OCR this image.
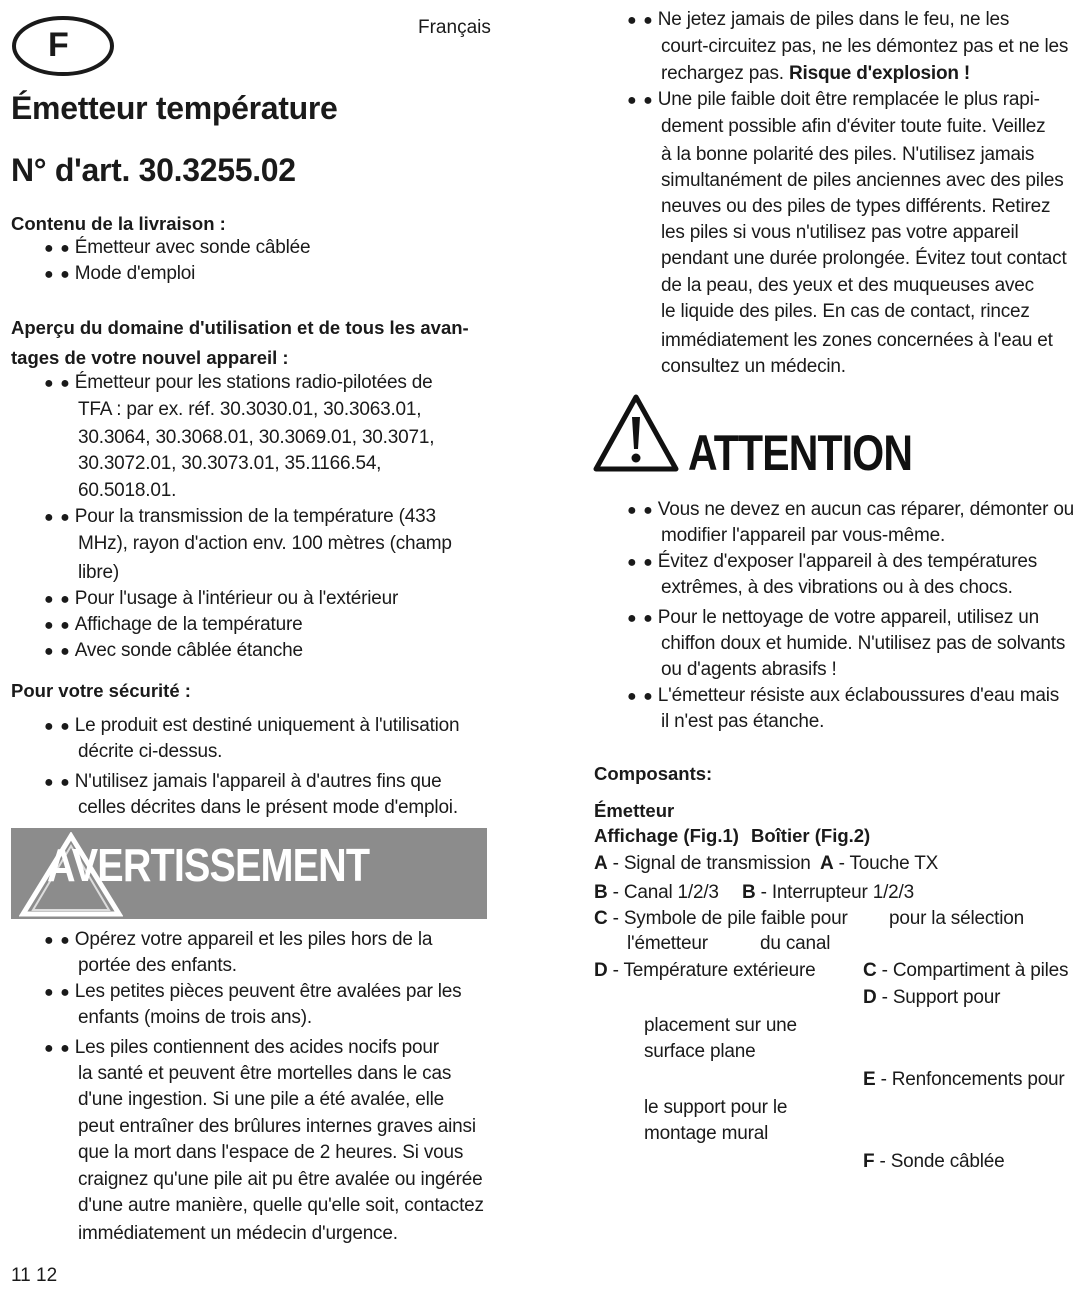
F	Français
Émetteur température
N° d'art. 30.3255.02
Contenu de la livraison :
● ● Émetteur avec sonde câblée
● ● Mode d'emploi
Aperçu du domaine d'utilisation et de tous les avan-
tages de votre nouvel appareil :
● ● Émetteur pour les stations radio-pilotées de
TFA : par ex. réf. 30.3030.01, 30.3063.01,
30.3064, 30.3068.01, 30.3069.01, 30.3071,
30.3072.01, 30.3073.01, 35.1166.54,
60.5018.01.
● ● Pour la transmission de la température (433
MHz), rayon d'action env. 100 mètres (champ
libre)
● ● Pour l'usage à l'intérieur ou à l'extérieur
● ● Affichage de la température
● ● Avec sonde câblée étanche
Pour votre sécurité :
● ● Le produit est destiné uniquement à l'utilisation
décrite ci-dessus.
● ● N'utilisez jamais l'appareil à d'autres fins que
celles décrites dans le présent mode d'emploi.
AVERTISSEMENT
● ● Opérez votre appareil et les piles hors de la
portée des enfants.
● ● Les petites pièces peuvent être avalées par les
enfants (moins de trois ans).
● ● Les piles contiennent des acides nocifs pour
la santé et peuvent être mortelles dans le cas
d'une ingestion. Si une pile a été avalée, elle
peut entraîner des brûlures internes graves ainsi
que la mort dans l'espace de 2 heures. Si vous
craignez qu'une pile ait pu être avalée ou ingérée
d'une autre manière, quelle qu'elle soit, contactez
immédiatement un médecin d'urgence.
11 12
● ● Ne jetez jamais de piles dans le feu, ne les
court-circuitez pas, ne les démontez pas et ne les
rechargez pas. Risque d'explosion !
● ● Une pile faible doit être remplacée le plus rapi-
dement possible afin d'éviter toute fuite. Veillez
à la bonne polarité des piles. N'utilisez jamais
simultanément de piles anciennes avec des piles
neuves ou des piles de types différents. Retirez
les piles si vous n'utilisez pas votre appareil
pendant une durée prolongée. Évitez tout contact
de la peau, des yeux et des muqueuses avec
le liquide des piles. En cas de contact, rincez
immédiatement les zones concernées à l'eau et
consultez un médecin.
ATTENTION
● ● Vous ne devez en aucun cas réparer, démonter ou
modifier l'appareil par vous-même.
● ● Évitez d'exposer l'appareil à des températures
extrêmes, à des vibrations ou à des chocs.
● ● Pour le nettoyage de votre appareil, utilisez un
chiffon doux et humide. N'utilisez pas de solvants
ou d'agents abrasifs !
● ● L'émetteur résiste aux éclaboussures d'eau mais
il n'est pas étanche.
Composants:
Émetteur
Affichage (Fig.1) Boîtier (Fig.2)
A - Signal de transmission A - Touche TX
B - Canal 1/2/3 B - Interrupteur 1/2/3
C - Symbole de pile faible pour pour la sélection
l'émetteur	du canal
D - Température extérieure C - Compartiment à piles
D - Support pour
placement sur une
surface plane
E - Renfoncements pour
le support pour le
montage mural
F - Sonde câblée
